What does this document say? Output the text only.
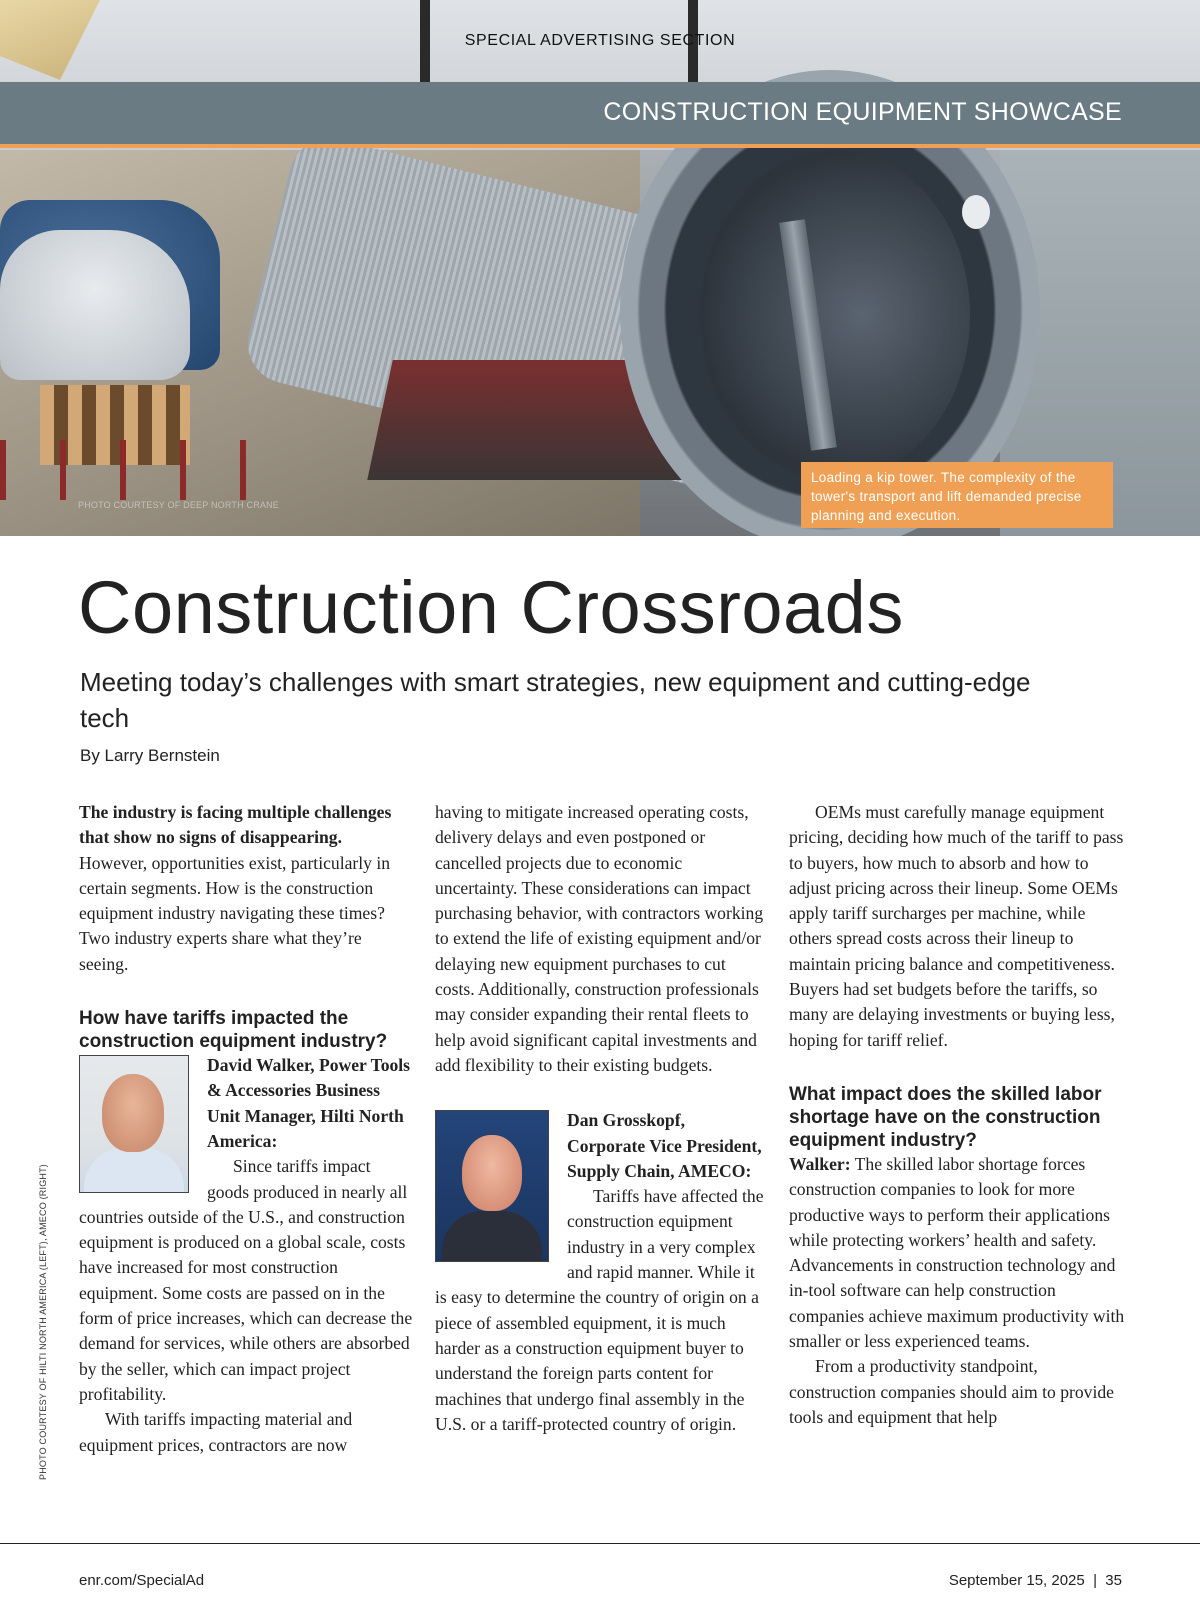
PHOTO COURTESY OF DEEP NORTH CRANE
SPECIAL ADVERTISING SECTION
CONSTRUCTION EQUIPMENT SHOWCASE
Loading a kip tower. The complexity of the tower's transport and lift demanded precise planning and execution.
Construction Crossroads
Meeting today’s challenges with smart strategies, new equipment and cutting-edge tech
By Larry Bernstein

The industry is facing multiple challenges that show no signs of disappearing. However, opportunities exist, particularly in certain segments. How is the construction equipment industry navigating these times? Two industry experts share what they’re seeing.

How have tariffs impacted the construction equipment industry?

David Walker, Power Tools & Accessories Business Unit Manager, Hilti North America:

Since tariffs impact goods produced in nearly all countries outside of the U.S., and construction equipment is produced on a global scale, costs have increased for most construction equipment. Some costs are passed on in the form of price increases, which can decrease the demand for services, while others are absorbed by the seller, which can impact project profitability.

With tariffs impacting material and equipment prices, contractors are now

having to mitigate increased operating costs, delivery delays and even postponed or cancelled projects due to economic uncertainty. These considerations can impact purchasing behavior, with contractors working to extend the life of existing equipment and/or delaying new equipment purchases to cut costs. Additionally, construction professionals may consider expanding their rental fleets to help avoid significant capital investments and add flexibility to their existing budgets.

Dan Grosskopf, Corporate Vice President, Supply Chain, AMECO:

Tariffs have affected the construction equipment industry in a very complex and rapid manner. While it is easy to determine the country of origin on a piece of assembled equipment, it is much harder as a construction equipment buyer to understand the foreign parts content for machines that undergo final assembly in the U.S. or a tariff-protected country of origin.

OEMs must carefully manage equipment pricing, deciding how much of the tariff to pass to buyers, how much to absorb and how to adjust pricing across their lineup. Some OEMs apply tariff surcharges per machine, while others spread costs across their lineup to maintain pricing balance and competitiveness. Buyers had set budgets before the tariffs, so many are delaying investments or buying less, hoping for tariff relief.

What impact does the skilled labor shortage have on the construction equipment industry?

Walker: The skilled labor shortage forces construction companies to look for more productive ways to perform their applications while protecting workers’ health and safety. Advancements in construction technology and in-tool software can help construction companies achieve maximum productivity with smaller or less experienced teams.

From a productivity standpoint, construction companies should aim to provide tools and equipment that help

PHOTO COURTESY OF HILTI NORTH AMERICA (LEFT), AMECO (RIGHT)
enr.com/SpecialAd	September 15, 2025  |  35
